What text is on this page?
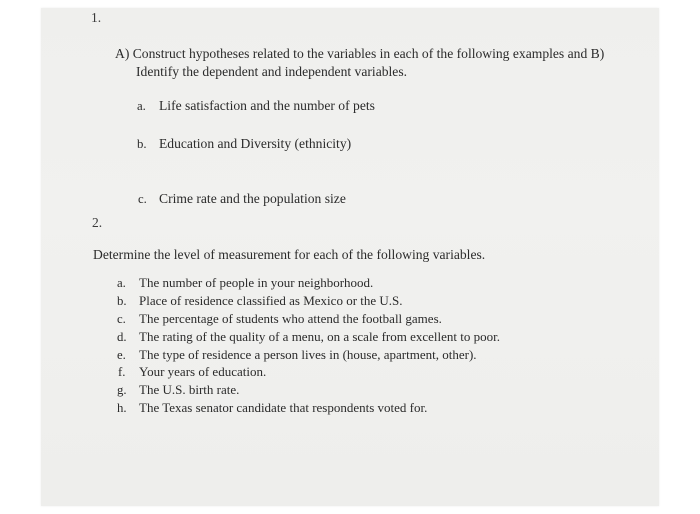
1.
A) Construct hypotheses related to the variables in each of the following examples and B)
Identify the dependent and independent variables.
a. Life satisfaction and the number of pets
b. Education and Diversity (ethnicity)
c. Crime rate and the population size
2.
Determine the level of measurement for each of the following variables.
a. The number of people in your neighborhood.
b. Place of residence classified as Mexico or the U.S.
c. The percentage of students who attend the football games.
d. The rating of the quality of a menu, on a scale from excellent to poor.
e. The type of residence a person lives in (house, apartment, other).
f. Your years of education.
g. The U.S. birth rate.
h. The Texas senator candidate that respondents voted for.
